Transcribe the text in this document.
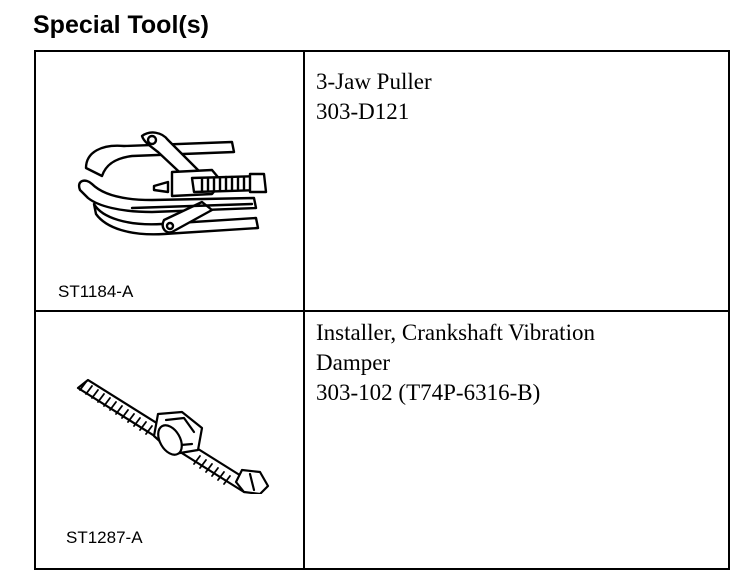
Special Tool(s)
ST1184-A
3-Jaw Puller
303-D121
ST1287-A
Installer, Crankshaft Vibration
Damper
303-102 (T74P-6316-B)
